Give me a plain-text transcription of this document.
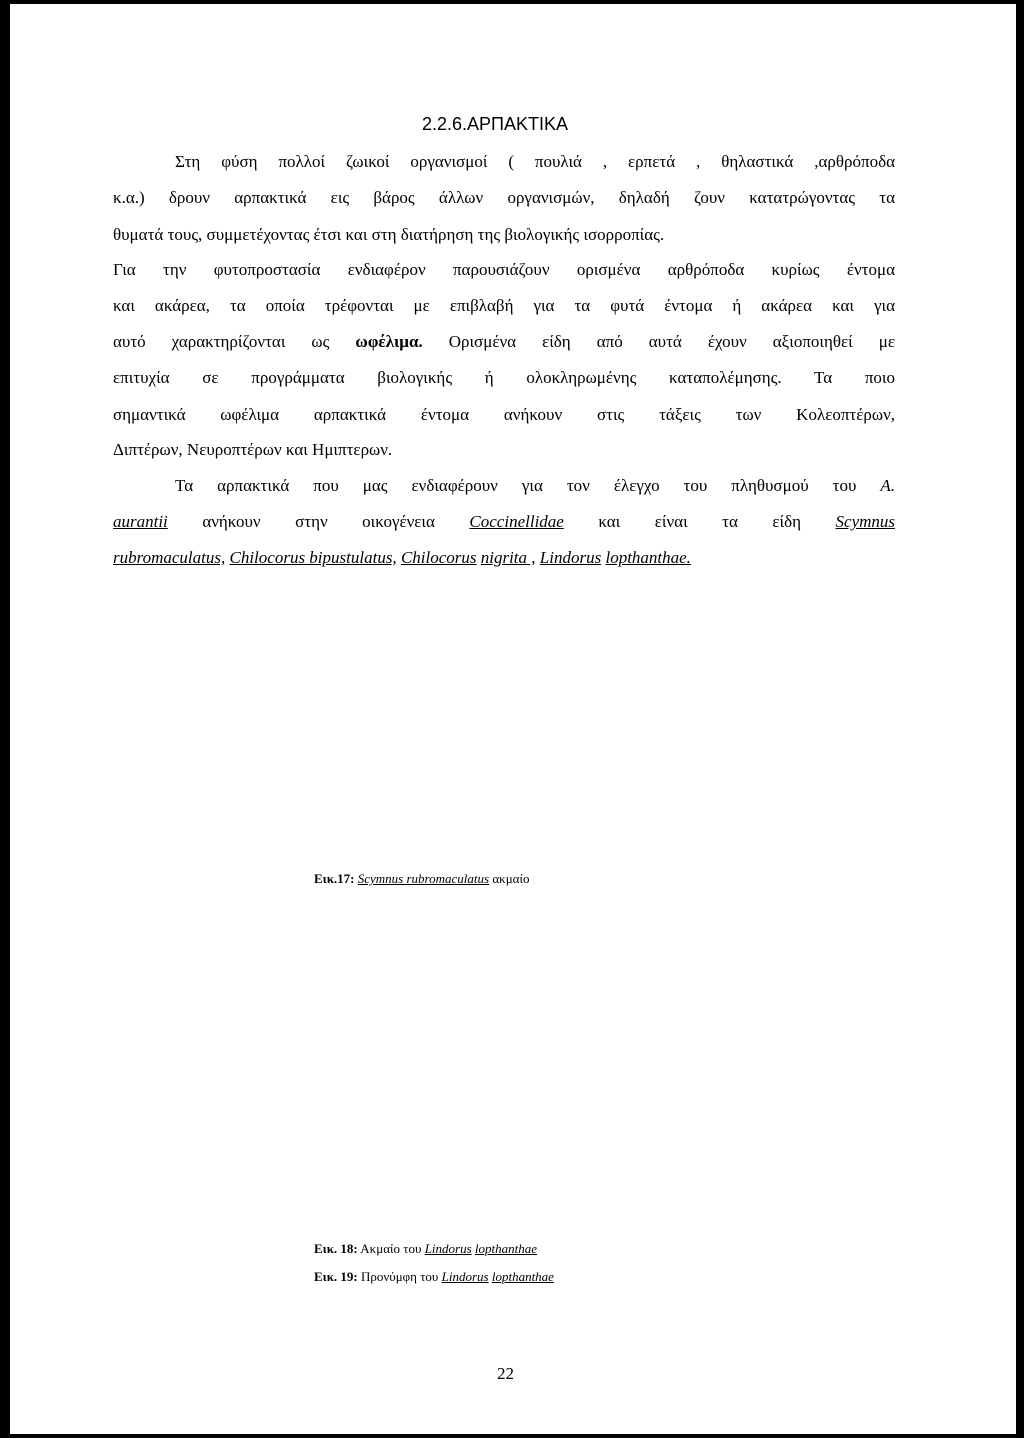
2.2.6.ΑΡΠΑΚΤΙΚΑ
Στη φύση πολλοί ζωικοί οργανισμοί ( πουλιά , ερπετά , θηλαστικά ,αρθρόποδα
κ.α.) δρουν αρπακτικά εις βάρος άλλων οργανισμών, δηλαδή ζουν κατατρώγοντας τα
θυματά τους, συμμετέχοντας έτσι και στη διατήρηση της βιολογικής ισορροπίας.
Για την φυτοπροστασία ενδιαφέρον παρουσιάζουν ορισμένα αρθρόποδα κυρίως έντομα
και ακάρεα, τα οποία τρέφονται με επιβλαβή για τα φυτά έντομα ή ακάρεα και για
αυτό χαρακτηρίζονται ως ωφέλιμα. Ορισμένα είδη από αυτά έχουν αξιοποιηθεί με
επιτυχία σε προγράμματα βιολογικής ή ολοκληρωμένης καταπολέμησης. Τα ποιο
σημαντικά ωφέλιμα αρπακτικά έντομα ανήκουν στις τάξεις των Κολεοπτέρων,
Διπτέρων, Νευροπτέρων και Ημιπτερων.
Τα αρπακτικά που μας ενδιαφέρουν για τον έλεγχο του πληθυσμού του Α.
aurantii ανήκουν στην οικογένεια Coccinellidae και είναι τα είδη Scymnus
rubromaculatus, Chilocorus bipustulatus, Chilocorus nigrita , Lindorus lopthanthae.
Εικ.17: Scymnus rubromaculatus ακμαίο
Εικ. 18: Ακμαίο του Lindorus lopthanthae
Εικ. 19: Προνύμφη του Lindorus lopthanthae
22
